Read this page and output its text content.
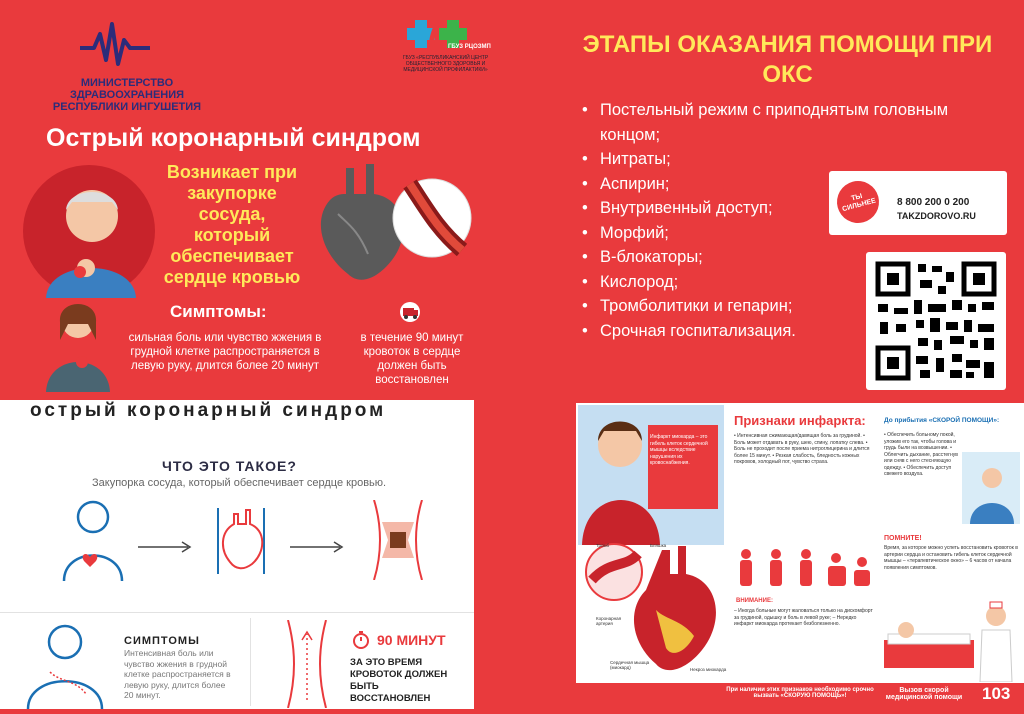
МИНИСТЕРСТВО ЗДРАВООХРАНЕНИЯ РЕСПУБЛИКИ ИНГУШЕТИЯ
ГБУЗ РЦОЗМП
ГБУЗ «РЕСПУБЛИКАНСКИЙ ЦЕНТР ОБЩЕСТВЕННОГО ЗДОРОВЬЯ И МЕДИЦИНСКОЙ ПРОФИЛАКТИКИ»
Острый коронарный синдром
Возникает при закупорке сосуда, который обеспечивает сердце кровью
Симптомы:
сильная боль или чувство жжения в грудной клетке распространяется в левую руку, длится более 20 минут
в течение 90 минут кровоток в сердце должен быть восстановлен
ЭТАПЫ ОКАЗАНИЯ ПОМОЩИ ПРИ ОКС
• Постельный режим с приподнятым головным концом;
• Нитраты;
• Аспирин;
• Внутривенный доступ;
• Морфий;
• B-блокаторы;
• Кислород;
• Тромболитики и гепарин;
• Срочная госпитализация.
ТЫ СИЛЬНЕЕ 8 800 200 0 200
TAKZDOROVO.RU
острый коронарный синдром
ЧТО ЭТО ТАКОЕ?
Закупорка сосуда, который обеспечивает сердце кровью.
СИМПТОМЫ
Интенсивная боль или чувство жжения в грудной клетке распространяется в левую руку, длится более 20 минут.
90 МИНУТ
ЗА ЭТО ВРЕМЯ КРОВОТОК ДОЛЖЕН БЫТЬ ВОССТАНОВЛЕН
Инфаркт миокарда – это гибель клеток сердечной мышцы вследствие нарушения их кровоснабжения.
Признаки инфаркта:
• Интенсивная сжимающая/давящая боль за грудиной. • Боль может отдавать в руку, шею, спину, лопатку слева. • Боль не проходит после приема нитроглицерина и длится более 15 минут. • Резкая слабость, бледность кожных покровов, холодный пот, чувство страха.
Тромб	Бляшка
Коронарная артерия
Сердечная мышца (миокард)	Некроз миокарда
ВНИМАНИЕ:
– Иногда больные могут жаловаться только на дискомфорт за грудиной, одышку и боль в левой руке; – Нередко инфаркт миокарда протекает безболезненно.
До прибытия «СКОРОЙ ПОМОЩИ»:
• Обеспечить больному покой, уложив его так, чтобы голова и грудь были на возвышении. • Облегчить дыхание, расстегнув или сняв с него стесняющую одежду. • Обеспечить доступ свежего воздуха.
ПОМНИТЕ!
Время, за которое можно успеть восстановить кровоток в артерии сердца и остановить гибель клеток сердечной мышцы – «терапевтическое окно» – 6 часов от начала появления симптомов.
При наличии этих признаков необходимо срочно вызвать «СКОРУЮ ПОМОЩЬ»!
Вызов скорой медицинской помощи	103
